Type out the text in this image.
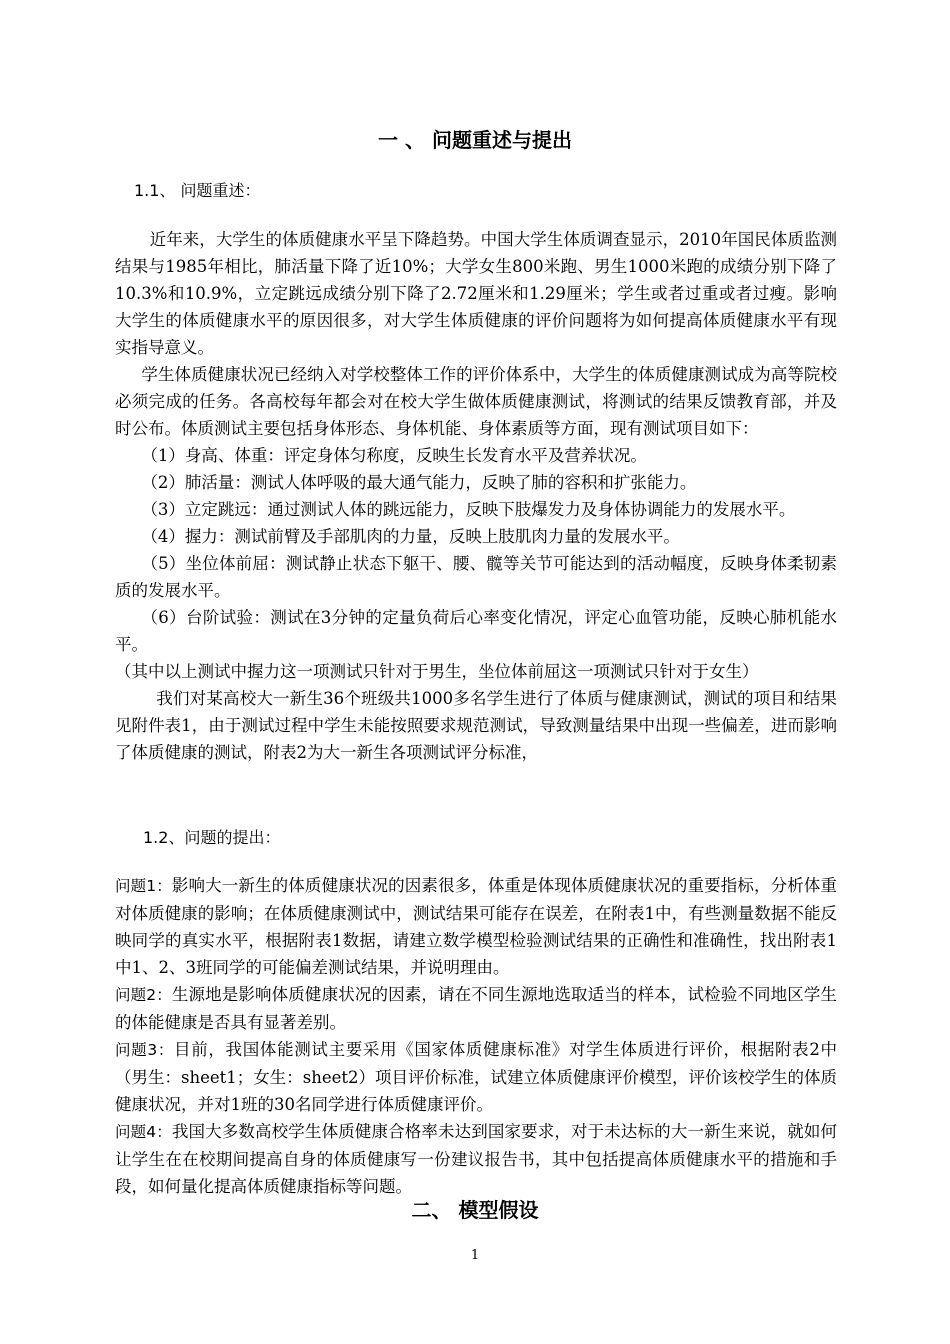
一 、 问题重述与提出
1.1、 问题重述：

近年来，大学生的体质健康水平呈下降趋势。中国大学生体质调查显示，2010年国民体质监测结果与1985年相比，肺活量下降了近10%；大学女生800米跑、男生1000米跑的成绩分别下降了10.3%和10.9%，立定跳远成绩分别下降了2.72厘米和1.29厘米；学生或者过重或者过瘦。影响大学生的体质健康水平的原因很多，对大学生体质健康的评价问题将为如何提高体质健康水平有现实指导意义。

学生体质健康状况已经纳入对学校整体工作的评价体系中，大学生的体质健康测试成为高等院校必须完成的任务。各高校每年都会对在校大学生做体质健康测试，将测试的结果反馈教育部，并及时公布。体质测试主要包括身体形态、身体机能、身体素质等方面，现有测试项目如下：

（1）身高、体重：评定身体匀称度，反映生长发育水平及营养状况。

（2）肺活量：测试人体呼吸的最大通气能力，反映了肺的容积和扩张能力。

（3）立定跳远：通过测试人体的跳远能力，反映下肢爆发力及身体协调能力的发展水平。

（4）握力：测试前臂及手部肌肉的力量，反映上肢肌肉力量的发展水平。

（5）坐位体前屈：测试静止状态下躯干、腰、髋等关节可能达到的活动幅度，反映身体柔韧素质的发展水平。

（6）台阶试验：测试在3分钟的定量负荷后心率变化情况，评定心血管功能，反映心肺机能水平。

（其中以上测试中握力这一项测试只针对于男生，坐位体前屈这一项测试只针对于女生）

我们对某高校大一新生36个班级共1000多名学生进行了体质与健康测试，测试的项目和结果见附件表1，由于测试过程中学生未能按照要求规范测试，导致测量结果中出现一些偏差，进而影响了体质健康的测试，附表2为大一新生各项测试评分标准，

1.2、问题的提出：

问题1：影响大一新生的体质健康状况的因素很多，体重是体现体质健康状况的重要指标，分析体重对体质健康的影响；在体质健康测试中，测试结果可能存在误差，在附表1中，有些测量数据不能反映同学的真实水平，根据附表1数据，请建立数学模型检验测试结果的正确性和准确性，找出附表1中1、2、3班同学的可能偏差测试结果，并说明理由。

问题2：生源地是影响体质健康状况的因素，请在不同生源地选取适当的样本，试检验不同地区学生的体能健康是否具有显著差别。

问题3：目前，我国体能测试主要采用《国家体质健康标准》对学生体质进行评价，根据附表2中（男生：sheet1；女生：sheet2）项目评价标准，试建立体质健康评价模型，评价该校学生的体质健康状况，并对1班的30名同学进行体质健康评价。

问题4：我国大多数高校学生体质健康合格率未达到国家要求，对于未达标的大一新生来说，就如何让学生在在校期间提高自身的体质健康写一份建议报告书，其中包括提高体质健康水平的措施和手段，如何量化提高体质健康指标等问题。

二、 模型假设
1
